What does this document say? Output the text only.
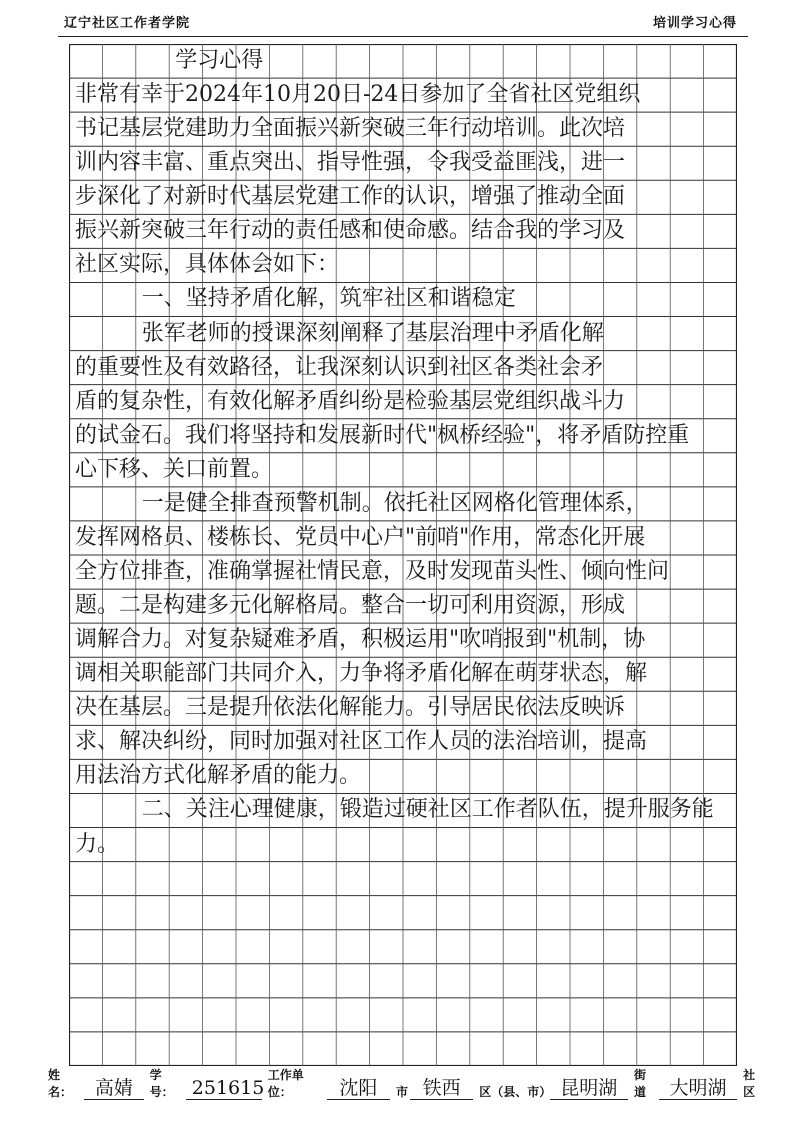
辽宁社区工作者学院	培训学习心得
学习心得
非常有幸于2024年10月20日-24日参加了全省社区党组织
书记基层党建助力全面振兴新突破三年行动培训。此次培
训内容丰富、重点突出、指导性强，令我受益匪浅，进一
步深化了对新时代基层党建工作的认识，增强了推动全面
振兴新突破三年行动的责任感和使命感。结合我的学习及
社区实际，具体体会如下：
一、坚持矛盾化解，筑牢社区和谐稳定
张军老师的授课深刻阐释了基层治理中矛盾化解
的重要性及有效路径，让我深刻认识到社区各类社会矛
盾的复杂性，有效化解矛盾纠纷是检验基层党组织战斗力
的试金石。我们将坚持和发展新时代"枫桥经验"，将矛盾防控重
心下移、关口前置。
一是健全排查预警机制。依托社区网格化管理体系，
发挥网格员、楼栋长、党员中心户"前哨"作用，常态化开展
全方位排查，准确掌握社情民意，及时发现苗头性、倾向性问
题。二是构建多元化解格局。整合一切可利用资源，形成
调解合力。对复杂疑难矛盾，积极运用"吹哨报到"机制，协
调相关职能部门共同介入，力争将矛盾化解在萌芽状态，解
决在基层。三是提升依法化解能力。引导居民依法反映诉
求、解决纠纷，同时加强对社区工作人员的法治培训，提高
用法治方式化解矛盾的能力。
二、关注心理健康，锻造过硬社区工作者队伍，提升服务能
力。
姓名：	高婧
学号： 251615
工作单位：	沈阳	市 铁西	区（县、市） 昆明湖
街道	大明湖
社区
